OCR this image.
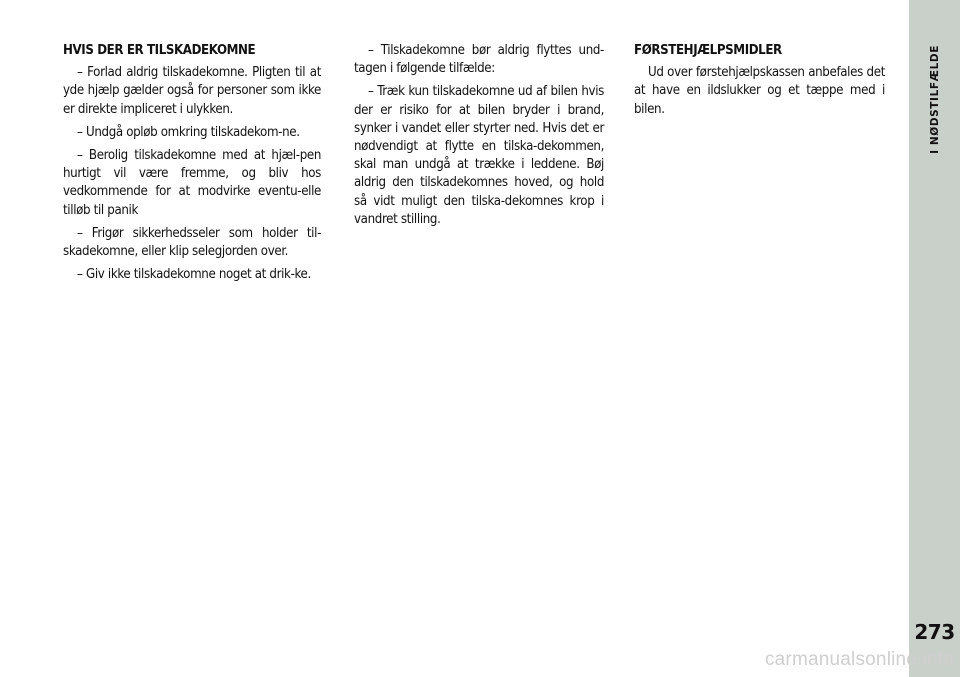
HVIS DER ER TILSKADEKOMNE

– Forlad aldrig tilskadekomne. Pligten til at yde hjælp gælder også for personer som ikke er direkte impliceret i ulykken.

– Undgå opløb omkring tilskadekom-ne.

– Berolig tilskadekomne med at hjæl-pen hurtigt vil være fremme, og bliv hos vedkommende for at modvirke eventu-elle tilløb til panik

– Frigør sikkerhedsseler som holder til-skadekomne, eller klip selegjorden over.

– Giv ikke tilskadekomne noget at drik-ke.

– Tilskadekomne bør aldrig flyttes und-tagen i følgende tilfælde:

– Træk kun tilskadekomne ud af bilen hvis der er risiko for at bilen bryder i brand, synker i vandet eller styrter ned. Hvis det er nødvendigt at flytte en tilska-dekommen, skal man undgå at trække i leddene. Bøj aldrig den tilskadekomnes hoved, og hold så vidt muligt den tilska-dekomnes krop i vandret stilling.

FØRSTEHJÆLPSMIDLER

Ud over førstehjælpskassen anbefales det at have en ildslukker og et tæppe med i bilen.	I NØDSTILFÆLDE
273
carmanualsonline.info
